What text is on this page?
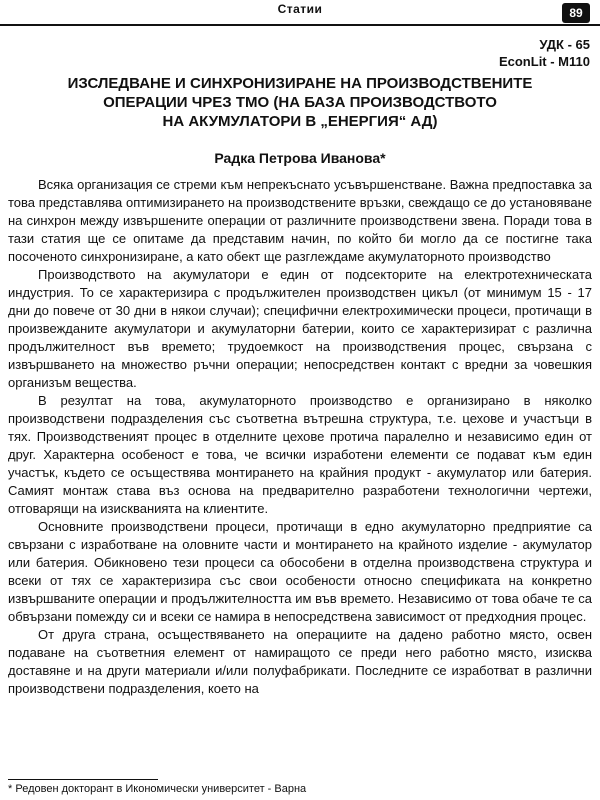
Статии	89
УДК - 65
EconLit - M110
ИЗСЛЕДВАНЕ И СИНХРОНИЗИРАНЕ НА ПРОИЗВОДСТВЕНИТЕ
ОПЕРАЦИИ ЧРЕЗ ТМО (НА БАЗА ПРОИЗВОДСТВОТО
НА АКУМУЛАТОРИ В „ЕНЕРГИЯ“ АД)
Радка Петрова Иванова*

Всяка организация се стреми към непрекъснато усъвършенстване. Важна предпоставка за това представлява оптимизирането на производствените връзки, свеждащо се до установяване на синхрон между извършените операции от различните производствени звена. Поради това в тази статия ще се опитаме да представим начин, по който би могло да се постигне така посоченото синхронизиране, а като обект ще разглеждаме акумулаторното производство

Производството на акумулатори е един от подсекторите на електротехническата индустрия. То се характеризира с продължителен производствен цикъл (от минимум 15 - 17 дни до повече от 30 дни в някои случаи); специфични електрохимически процеси, протичащи в произвежданите акумулатори и акумулаторни батерии, които се характеризират с различна продължителност във времето; трудоемкост на производствения процес, свързана с извършването на множество ръчни операции; непосредствен контакт с вредни за човешкия организъм вещества.

В резултат на това, акумулаторното производство е организирано в няколко производствени подразделения със съответна вътрешна структура, т.е. цехове и участъци в тях. Производственият процес в отделните цехове протича паралелно и независимо един от друг. Характерна особеност е това, че всички изработени елементи се подават към един участък, където се осъществява монтирането на крайния продукт - акумулатор или батерия. Самият монтаж става въз основа на предварително разработени технологични чертежи, отговарящи на изискванията на клиентите.

Основните производствени процеси, протичащи в едно акумулаторно предприятие са свързани с изработване на оловните части и монтирането на крайното изделие - акумулатор или батерия. Обикновено тези процеси са обособени в отделна производствена структура и всеки от тях се характеризира със свои особености относно спецификата на конкретно извършваните операции и продължителността им във времето. Независимо от това обаче те са обвързани помежду си и всеки се намира в непосредствена зависимост от предходния процес.

От друга страна, осъществяването на операциите на дадено работно място, освен подаване на съответния елемент от намиращото се преди него работно място, изисква доставяне и на други материали и/или полуфабрикати. Последните се изработват в различни производствени подразделения, което на

* Редовен докторант в Икономически университет - Варна
